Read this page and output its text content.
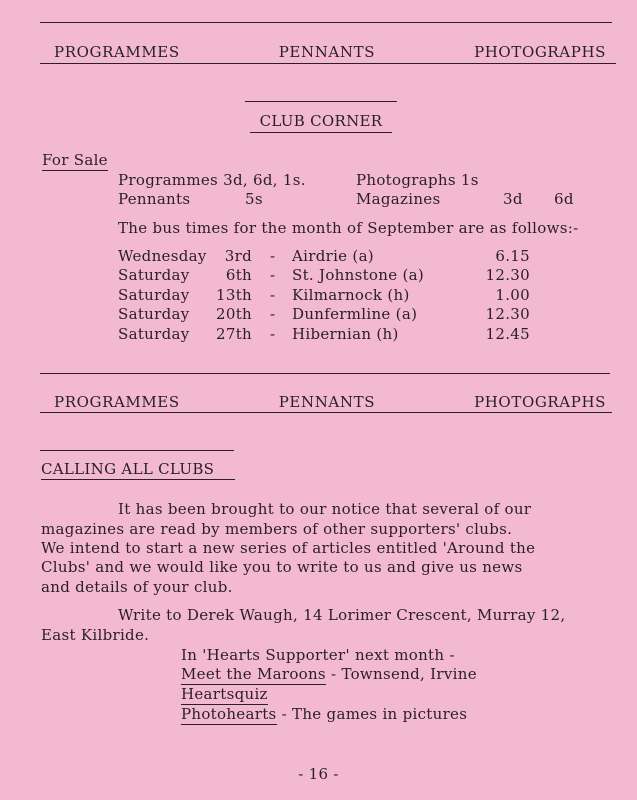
PROGRAMMES	PENNANTS	PHOTOGRAPHS
CLUB CORNER
For Sale
Programmes 3d, 6d, 1s.	Photographs 1s
Pennants	5s	Magazines	3d 6d
The bus times for the month of September are as follows:-
Wednesday 3rd - Airdrie (a)	6.15
Saturday 6th - St. Johnstone (a)	12.30
Saturday 13th - Kilmarnock (h)	1.00
Saturday 20th - Dunfermline (a)	12.30
Saturday 27th - Hibernian (h)	12.45
PROGRAMMES	PENNANTS	PHOTOGRAPHS
CALLING ALL CLUBS
It has been brought to our notice that several of our
magazines are read by members of other supporters' clubs.
We intend to start a new series of articles entitled 'Around the
Clubs' and we would like you to write to us and give us news
and details of your club.
Write to Derek Waugh, 14 Lorimer Crescent, Murray 12,
East Kilbride.
In 'Hearts Supporter' next month -
Meet the Maroons - Townsend, Irvine
Heartsquiz
Photohearts - The games in pictures
- 16 -
